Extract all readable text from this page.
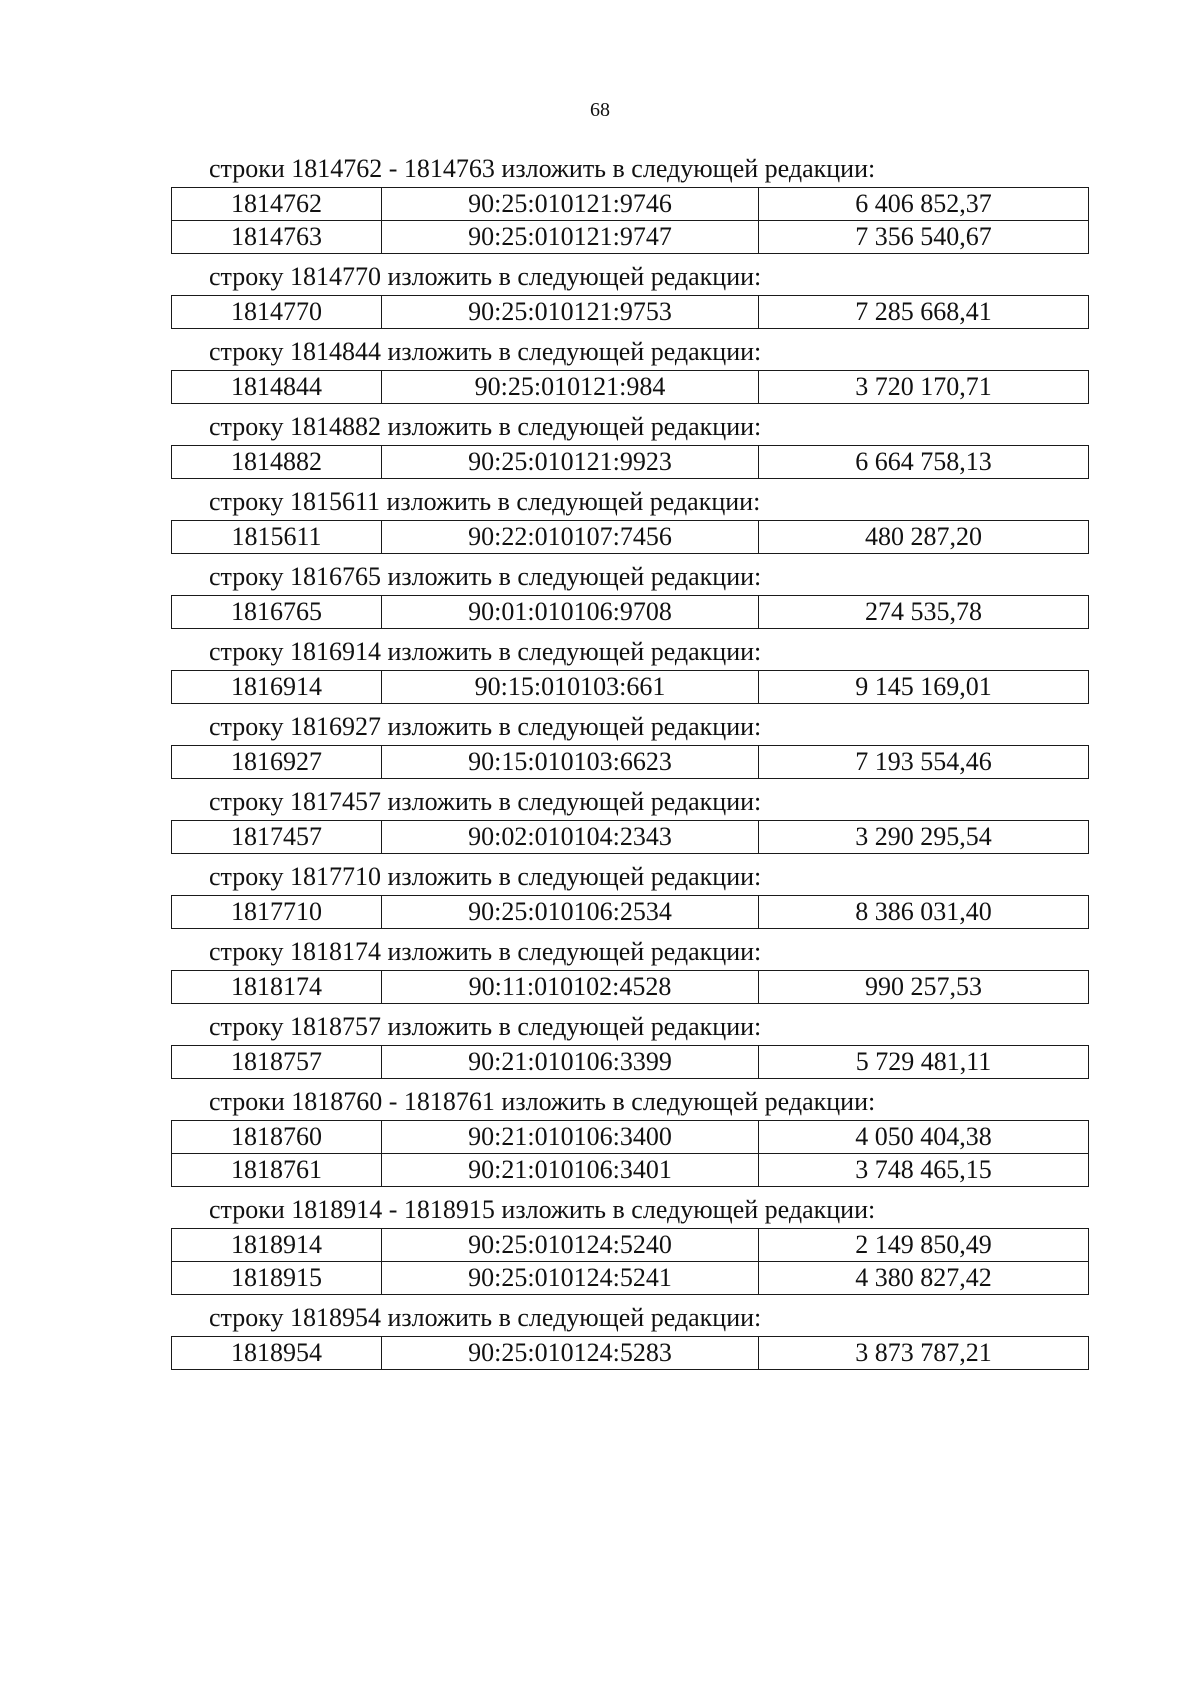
68
строки 1814762 - 1814763 изложить в следующей редакции:
1814762	90:25:010121:9746	6 406 852,37
1814763	90:25:010121:9747	7 356 540,67
строку 1814770 изложить в следующей редакции:
1814770	90:25:010121:9753	7 285 668,41
строку 1814844 изложить в следующей редакции:
1814844	90:25:010121:984	3 720 170,71
строку 1814882 изложить в следующей редакции:
1814882	90:25:010121:9923	6 664 758,13
строку 1815611 изложить в следующей редакции:
1815611	90:22:010107:7456	480 287,20
строку 1816765 изложить в следующей редакции:
1816765	90:01:010106:9708	274 535,78
строку 1816914 изложить в следующей редакции:
1816914	90:15:010103:661	9 145 169,01
строку 1816927 изложить в следующей редакции:
1816927	90:15:010103:6623	7 193 554,46
строку 1817457 изложить в следующей редакции:
1817457	90:02:010104:2343	3 290 295,54
строку 1817710 изложить в следующей редакции:
1817710	90:25:010106:2534	8 386 031,40
строку 1818174 изложить в следующей редакции:
1818174	90:11:010102:4528	990 257,53
строку 1818757 изложить в следующей редакции:
1818757	90:21:010106:3399	5 729 481,11
строки 1818760 - 1818761 изложить в следующей редакции:
1818760	90:21:010106:3400	4 050 404,38
1818761	90:21:010106:3401	3 748 465,15
строки 1818914 - 1818915 изложить в следующей редакции:
1818914	90:25:010124:5240	2 149 850,49
1818915	90:25:010124:5241	4 380 827,42
строку 1818954 изложить в следующей редакции:
1818954	90:25:010124:5283	3 873 787,21
